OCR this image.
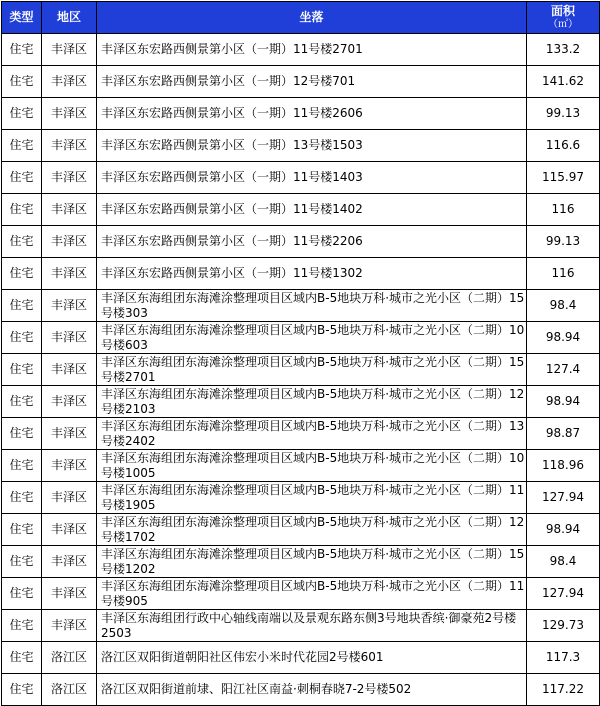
类型	地区	坐落	面积
（㎡）

住宅	丰泽区	丰泽区东宏路西侧景第小区（一期）11号楼2701	133.2
住宅	丰泽区	丰泽区东宏路西侧景第小区（一期）12号楼701	141.62
住宅	丰泽区	丰泽区东宏路西侧景第小区（一期）11号楼2606	99.13
住宅	丰泽区	丰泽区东宏路西侧景第小区（一期）13号楼1503	116.6
住宅	丰泽区	丰泽区东宏路西侧景第小区（一期）11号楼1403	115.97
住宅	丰泽区	丰泽区东宏路西侧景第小区（一期）11号楼1402	116
住宅	丰泽区	丰泽区东宏路西侧景第小区（一期）11号楼2206	99.13
住宅	丰泽区	丰泽区东宏路西侧景第小区（一期）11号楼1302	116
住宅	丰泽区	丰泽区东海组团东海滩涂整理项目区域内B-5地块万科·城市之光小区（二期）15号楼303	98.4
住宅	丰泽区	丰泽区东海组团东海滩涂整理项目区域内B-5地块万科·城市之光小区（二期）10号楼603	98.94
住宅	丰泽区	丰泽区东海组团东海滩涂整理项目区域内B-5地块万科·城市之光小区（二期）15号楼2701	127.4
住宅	丰泽区	丰泽区东海组团东海滩涂整理项目区域内B-5地块万科·城市之光小区（二期）12号楼2103	98.94
住宅	丰泽区	丰泽区东海组团东海滩涂整理项目区域内B-5地块万科·城市之光小区（二期）13号楼2402	98.87
住宅	丰泽区	丰泽区东海组团东海滩涂整理项目区域内B-5地块万科·城市之光小区（二期）10号楼1005	118.96
住宅	丰泽区	丰泽区东海组团东海滩涂整理项目区域内B-5地块万科·城市之光小区（二期）11号楼1905	127.94
住宅	丰泽区	丰泽区东海组团东海滩涂整理项目区域内B-5地块万科·城市之光小区（二期）12号楼1702	98.94
住宅	丰泽区	丰泽区东海组团东海滩涂整理项目区域内B-5地块万科·城市之光小区（二期）15号楼1202	98.4
住宅	丰泽区	丰泽区东海组团东海滩涂整理项目区域内B-5地块万科·城市之光小区（二期）11号楼905	127.94
住宅	丰泽区	丰泽区东海组团行政中心轴线南端以及景观东路东侧3号地块香缤·御豪苑2号楼2503	129.73
住宅	洛江区	洛江区双阳街道朝阳社区伟宏小米时代花园2号楼601	117.3
住宅	洛江区	洛江区双阳街道前埭、阳江社区南益·刺桐春晓7-2号楼502	117.22
